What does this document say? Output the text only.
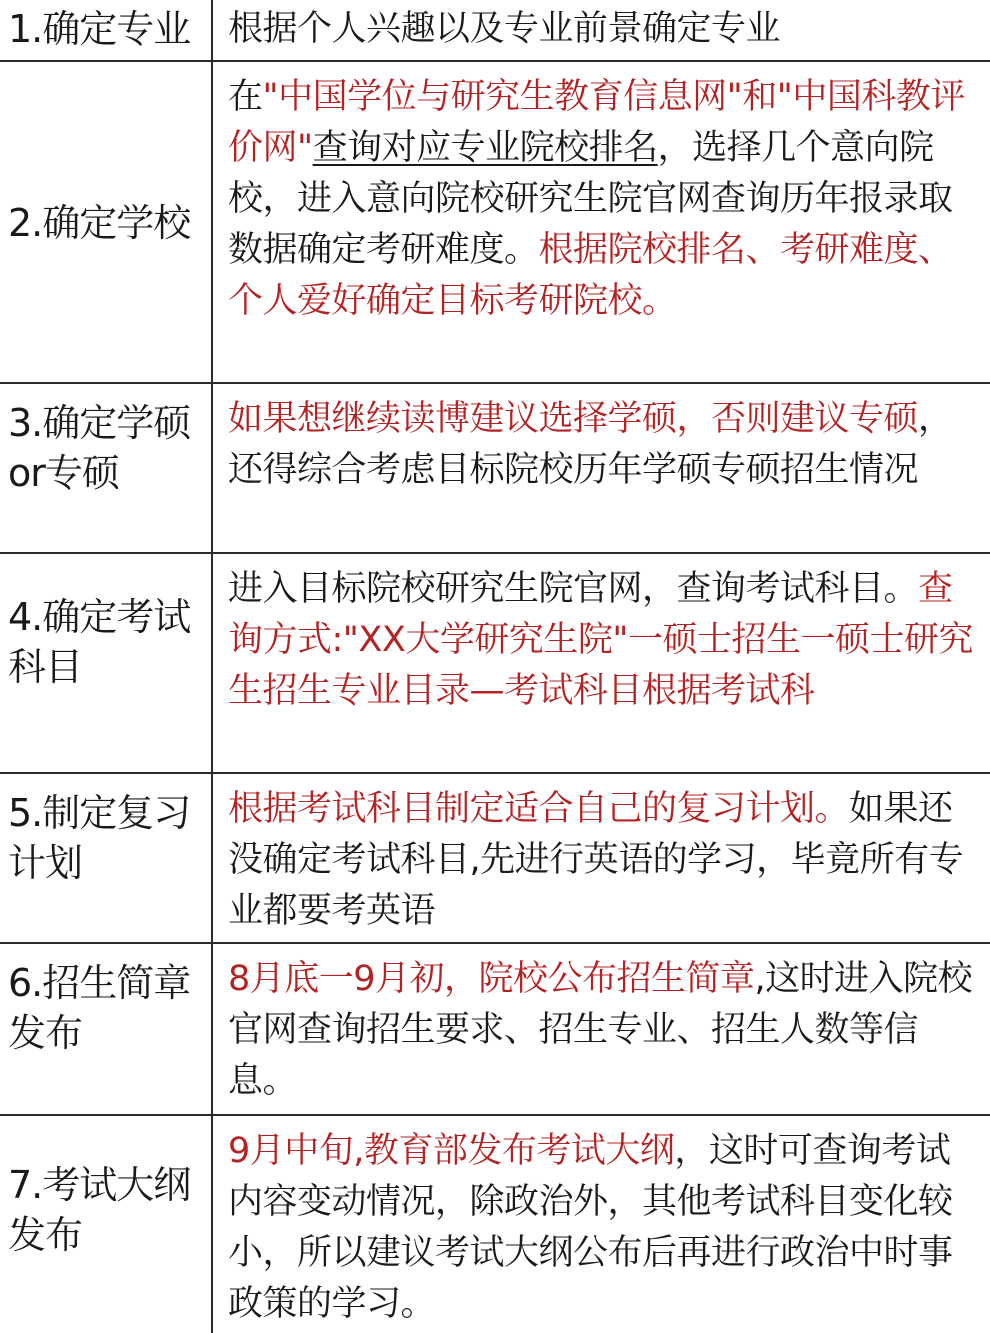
1.确定专业	根据个人兴趣以及专业前景确定专业
2.确定学校
在"中国学位与研究生教育信息网"和"中国科教评价网"查询对应专业院校排名，选择几个意向院校，进入意向院校研究生院官网查询历年报录取数据确定考研难度。根据院校排名、考研难度、个人爱好确定目标考研院校。
3.确定学硕or专硕
如果想继续读博建议选择学硕，否则建议专硕，还得综合考虑目标院校历年学硕专硕招生情况
4.确定考试科目
进入目标院校研究生院官网，查询考试科目。查询方式:"XX大学研究生院"一硕士招生一硕士研究生招生专业目录—考试科目根据考试科
5.制定复习计划
根据考试科目制定适合自己的复习计划。如果还没确定考试科目,先进行英语的学习，毕竟所有专业都要考英语
6.招生简章发布
8月底一9月初，院校公布招生简章,这时进入院校官网查询招生要求、招生专业、招生人数等信息。
7.考试大纲发布
9月中旬,教育部发布考试大纲，这时可查询考试内容变动情况，除政治外，其他考试科目变化较小，所以建议考试大纲公布后再进行政治中时事政策的学习。
